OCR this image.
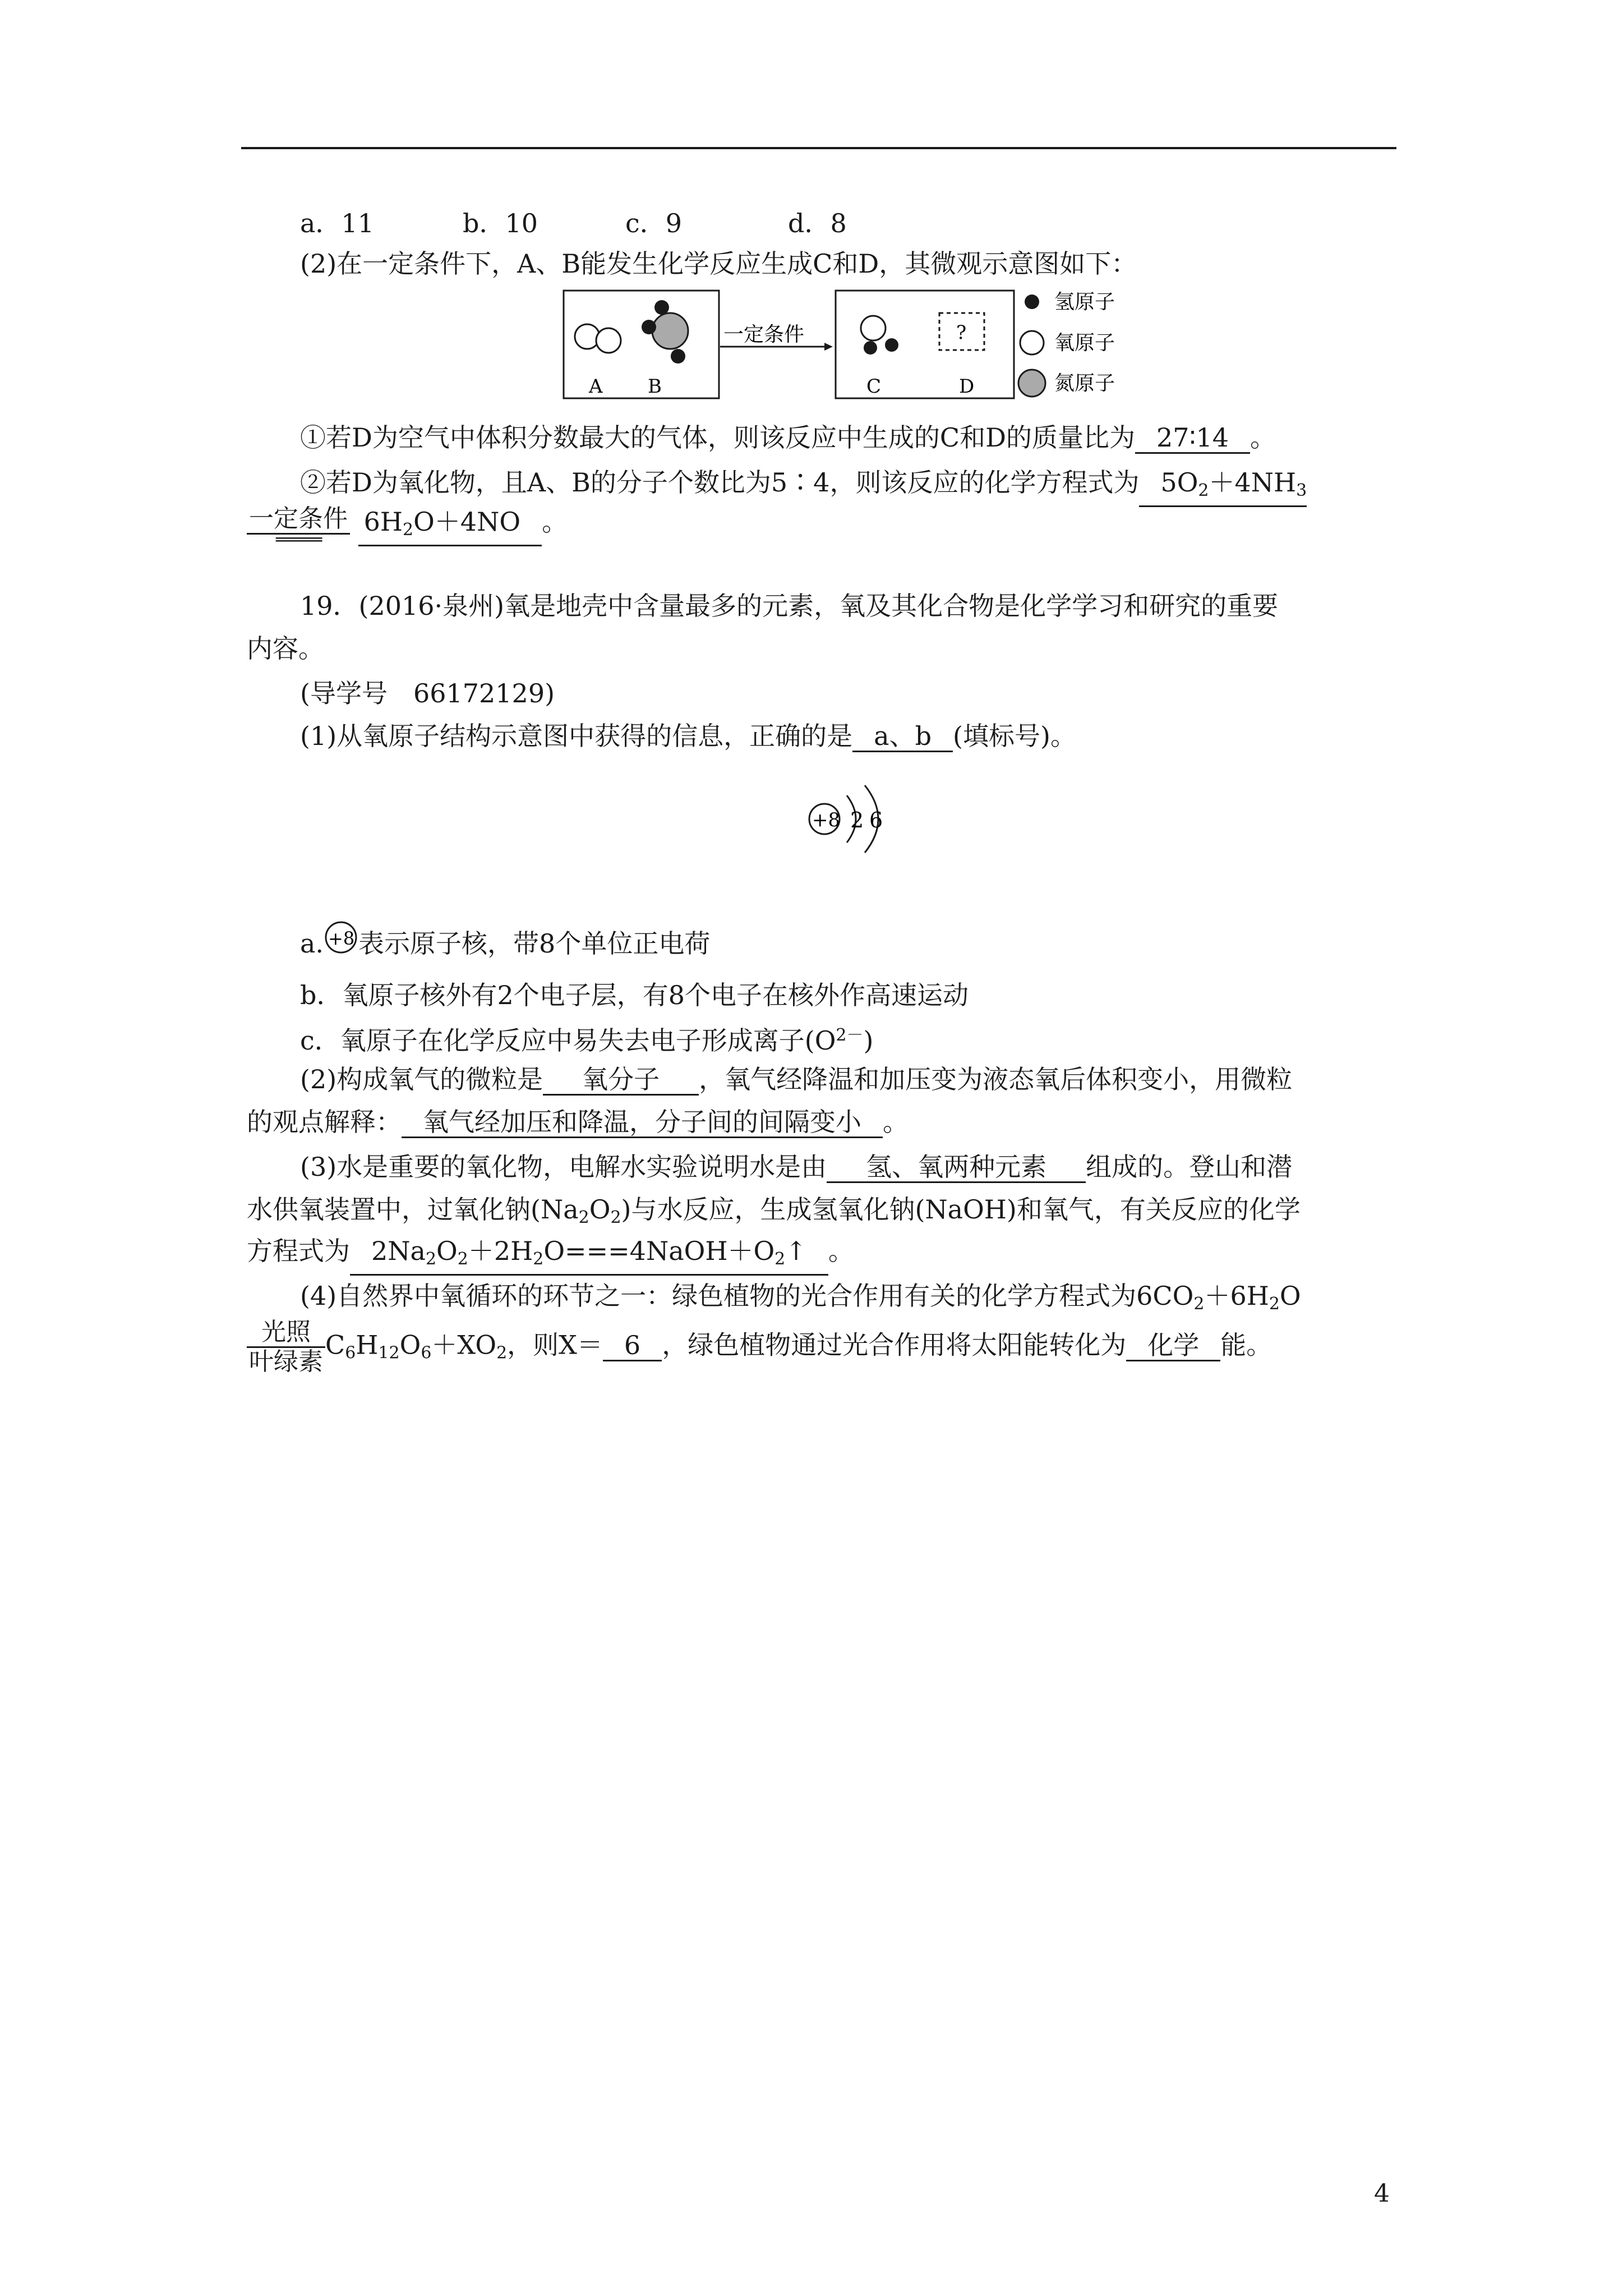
a．11	b．10	c．9	d．8
(2)在一定条件下，A、B能发生化学反应生成C和D，其微观示意图如下：
A B
一定条件	?
C	D
氢原子
氧原子
氮原子
①若D为空气中体积分数最大的气体，则该反应中生成的C和D的质量比为 27∶14 。
②若D为氧化物，且A、B的分子个数比为5∶4，则该反应的化学方程式为 $5O_2+4NH_3$
$\frac{\text{一定条件}}{═════} 6H_2O+4NO$ 。
19．(2016·泉州)氧是地壳中含量最多的元素，氧及其化合物是化学学习和研究的重要
内容。
(导学号　66172129)
(1)从氧原子结构示意图中获得的信息，正确的是 a、b (填标号)。
+8 2 6
a. +8 表示原子核，带8个单位正电荷
b．氧原子核外有2个电子层，有8个电子在核外作高速运动
c．氧原子在化学反应中易失去电子形成离子$(O^{2-})$
(2)构成氧气的微粒是 氧分子 ，氧气经降温和加压变为液态氧后体积变小，用微粒
的观点解释： 氧气经加压和降温，分子间的间隔变小 。
(3)水是重要的氧化物，电解水实验说明水是由 氢、氧两种元素 组成的。登山和潜
水供氧装置中，过氧化钠$(Na_2O_2)$与水反应，生成氢氧化钠(NaOH)和氧气，有关反应的化学
方程式为 $2Na_2O_2+2H_2O===4NaOH+O_2↑$ 。
(4)自然界中氧循环的环节之一：绿色植物的光合作用有关的化学方程式为$6CO_2+6H_2O$
$\frac{\text{光照}}{\text{叶绿素}} C_6H_{12}O_6+XO_2$，则X＝ 6 ，绿色植物通过光合作用将太阳能转化为 化学 能。
4
